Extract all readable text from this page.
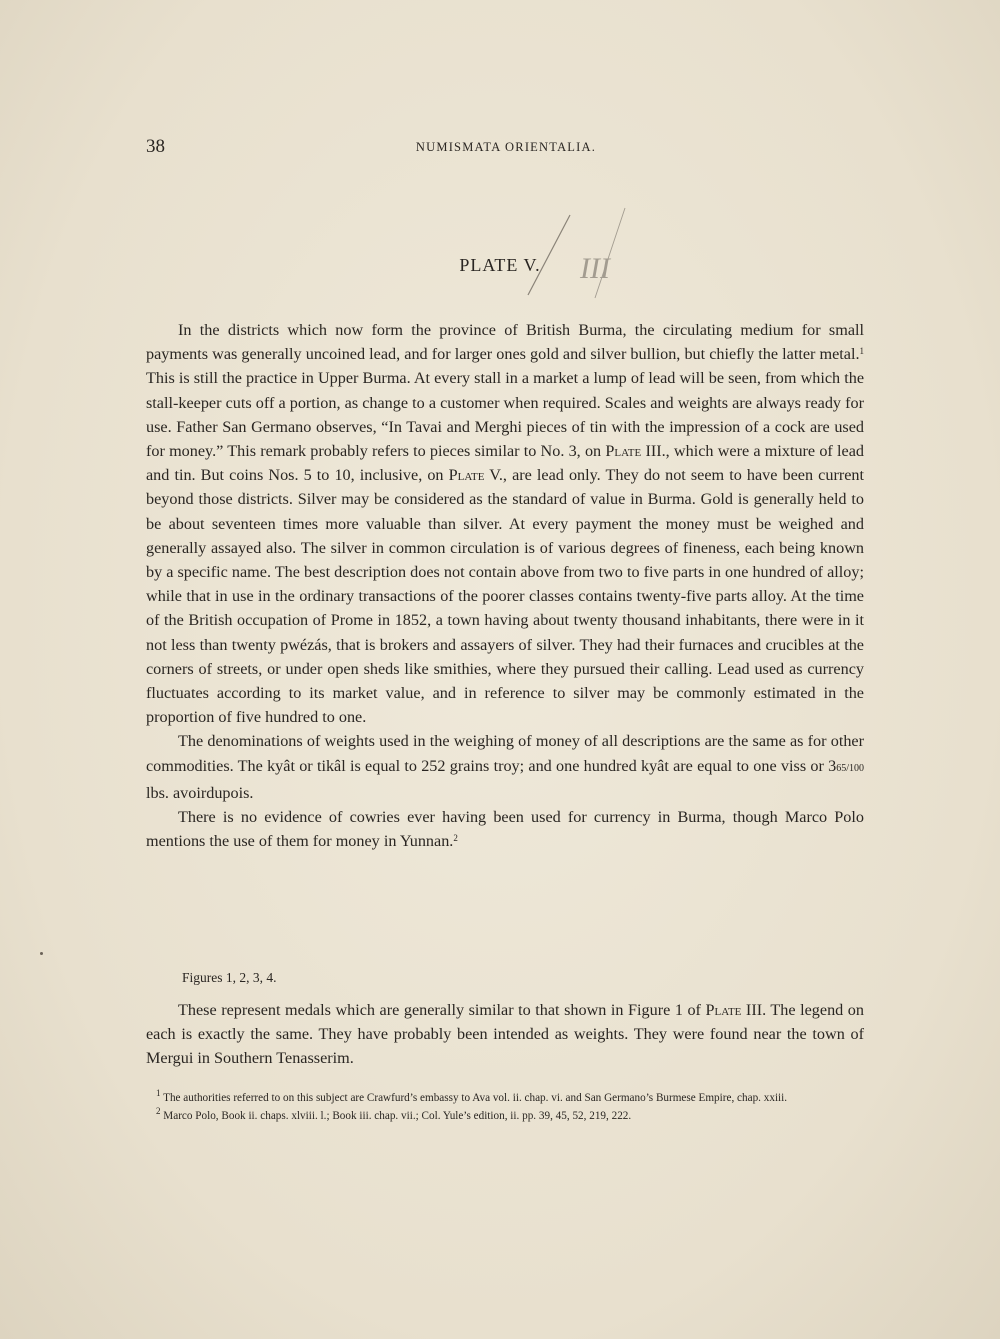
38	NUMISMATA ORIENTALIA.
PLATE V.	III

In the districts which now form the province of British Burma, the circulating medium for small payments was generally uncoined lead, and for larger ones gold and silver bullion, but chiefly the latter metal.$^1$ This is still the practice in Upper Burma. At every stall in a market a lump of lead will be seen, from which the stall-keeper cuts off a portion, as change to a customer when required. Scales and weights are always ready for use. Father San Germano observes, “In Tavai and Merghi pieces of tin with the impression of a cock are used for money.” This remark probably refers to pieces similar to No. 3, on Plate III., which were a mixture of lead and tin. But coins Nos. 5 to 10, inclusive, on Plate V., are lead only. They do not seem to have been current beyond those districts. Silver may be considered as the standard of value in Burma. Gold is generally held to be about seventeen times more valuable than silver. At every payment the money must be weighed and generally assayed also. The silver in common circulation is of various degrees of fineness, each being known by a specific name. The best description does not contain above from two to five parts in one hundred of alloy; while that in use in the ordinary transactions of the poorer classes contains twenty-five parts alloy. At the time of the British occupation of Prome in 1852, a town having about twenty thousand inhabitants, there were in it not less than twenty pwézás, that is brokers and assayers of silver. They had their furnaces and crucibles at the corners of streets, or under open sheds like smithies, where they pursued their calling. Lead used as currency fluctuates according to its market value, and in reference to silver may be commonly estimated in the proportion of five hundred to one.

The denominations of weights used in the weighing of money of all descriptions are the same as for other commodities. The kyât or tikâl is equal to 252 grains troy; and one hundred kyât are equal to one viss or 365/100 lbs. avoirdupois.

There is no evidence of cowries ever having been used for currency in Burma, though Marco Polo mentions the use of them for money in Yunnan.$^2$

Figures 1, 2, 3, 4.

These represent medals which are generally similar to that shown in Figure 1 of Plate III. The legend on each is exactly the same. They have probably been intended as weights. They were found near the town of Mergui in Southern Tenasserim.

$^1$ The authorities referred to on this subject are Crawfurd’s embassy to Ava vol. ii. chap. vi. and San Germano’s Burmese Empire, chap. xxiii.

$^2$ Marco Polo, Book ii. chaps. xlviii. l.; Book iii. chap. vii.; Col. Yule’s edition, ii. pp. 39, 45, 52, 219, 222.
